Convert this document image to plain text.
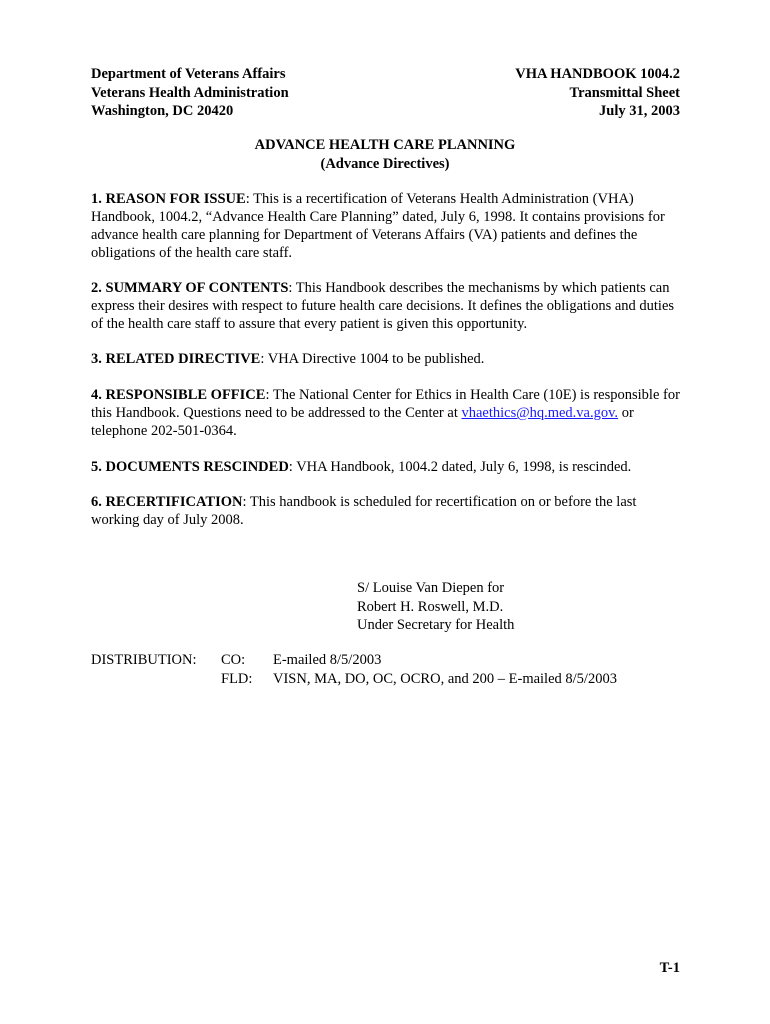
Department of Veterans Affairs
Veterans Health Administration
Washington, DC 20420
VHA HANDBOOK 1004.2
Transmittal Sheet
July 31, 2003
ADVANCE HEALTH CARE PLANNING
(Advance Directives)
1. REASON FOR ISSUE: This is a recertification of Veterans Health Administration (VHA) Handbook, 1004.2, “Advance Health Care Planning” dated, July 6, 1998. It contains provisions for advance health care planning for Department of Veterans Affairs (VA) patients and defines the obligations of the health care staff.
2. SUMMARY OF CONTENTS: This Handbook describes the mechanisms by which patients can express their desires with respect to future health care decisions. It defines the obligations and duties of the health care staff to assure that every patient is given this opportunity.
3. RELATED DIRECTIVE: VHA Directive 1004 to be published.
4. RESPONSIBLE OFFICE: The National Center for Ethics in Health Care (10E) is responsible for this Handbook. Questions need to be addressed to the Center at vhaethics@hq.med.va.gov. or telephone 202-501-0364.
5. DOCUMENTS RESCINDED: VHA Handbook, 1004.2 dated, July 6, 1998, is rescinded.
6. RECERTIFICATION: This handbook is scheduled for recertification on or before the last working day of July 2008.
S/ Louise Van Diepen for
Robert H. Roswell, M.D.
Under Secretary for Health
DISTRIBUTION: CO: E-mailed 8/5/2003
FLD: VISN, MA, DO, OC, OCRO, and 200 – E-mailed 8/5/2003
T-1
